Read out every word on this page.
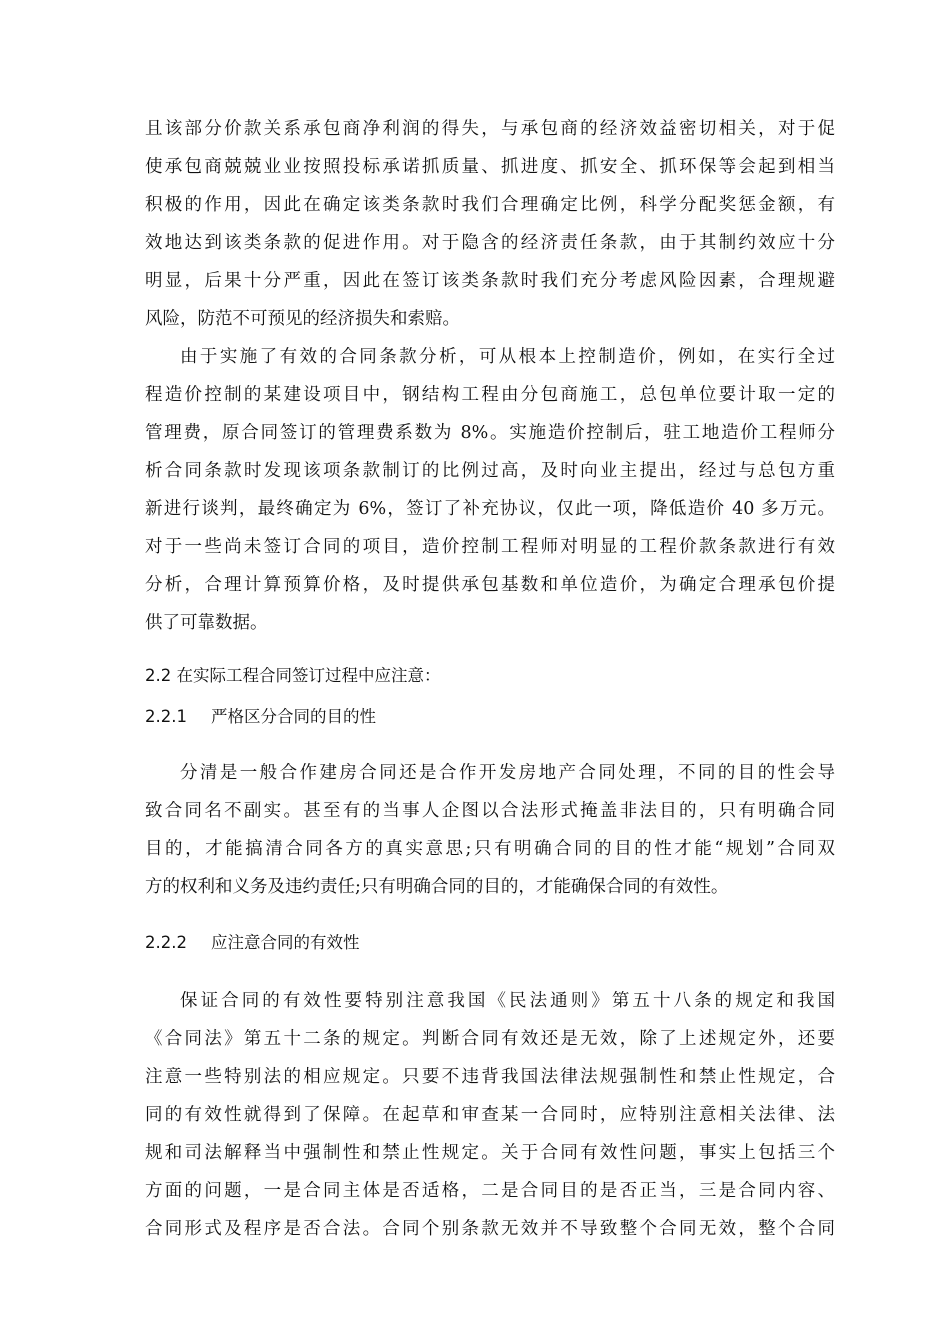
且该部分价款关系承包商净利润的得失，与承包商的经济效益密切相关，对于促
使承包商兢兢业业按照投标承诺抓质量、抓进度、抓安全、抓环保等会起到相当
积极的作用，因此在确定该类条款时我们合理确定比例，科学分配奖惩金额，有
效地达到该类条款的促进作用。对于隐含的经济责任条款，由于其制约效应十分
明显，后果十分严重，因此在签订该类条款时我们充分考虑风险因素，合理规避
风险，防范不可预见的经济损失和索赔。
由于实施了有效的合同条款分析，可从根本上控制造价，例如，在实行全过
程造价控制的某建设项目中，钢结构工程由分包商施工，总包单位要计取一定的
管理费，原合同签订的管理费系数为 8%。实施造价控制后，驻工地造价工程师分
析合同条款时发现该项条款制订的比例过高，及时向业主提出，经过与总包方重
新进行谈判，最终确定为 6%，签订了补充协议，仅此一项，降低造价 40 多万元。
对于一些尚未签订合同的项目，造价控制工程师对明显的工程价款条款进行有效
分析，合理计算预算价格，及时提供承包基数和单位造价，为确定合理承包价提
供了可靠数据。
2.2 在实际工程合同签订过程中应注意：
2.2.1 严格区分合同的目的性
分清是一般合作建房合同还是合作开发房地产合同处理，不同的目的性会导
致合同名不副实。甚至有的当事人企图以合法形式掩盖非法目的，只有明确合同
目的，才能搞清合同各方的真实意思;只有明确合同的目的性才能“规划”合同双
方的权利和义务及违约责任;只有明确合同的目的，才能确保合同的有效性。
2.2.2 应注意合同的有效性
保证合同的有效性要特别注意我国《民法通则》第五十八条的规定和我国
《合同法》第五十二条的规定。判断合同有效还是无效，除了上述规定外，还要
注意一些特别法的相应规定。只要不违背我国法律法规强制性和禁止性规定，合
同的有效性就得到了保障。在起草和审查某一合同时，应特别注意相关法律、法
规和司法解释当中强制性和禁止性规定。关于合同有效性问题，事实上包括三个
方面的问题，一是合同主体是否适格，二是合同目的是否正当，三是合同内容、
合同形式及程序是否合法。合同个别条款无效并不导致整个合同无效，整个合同
